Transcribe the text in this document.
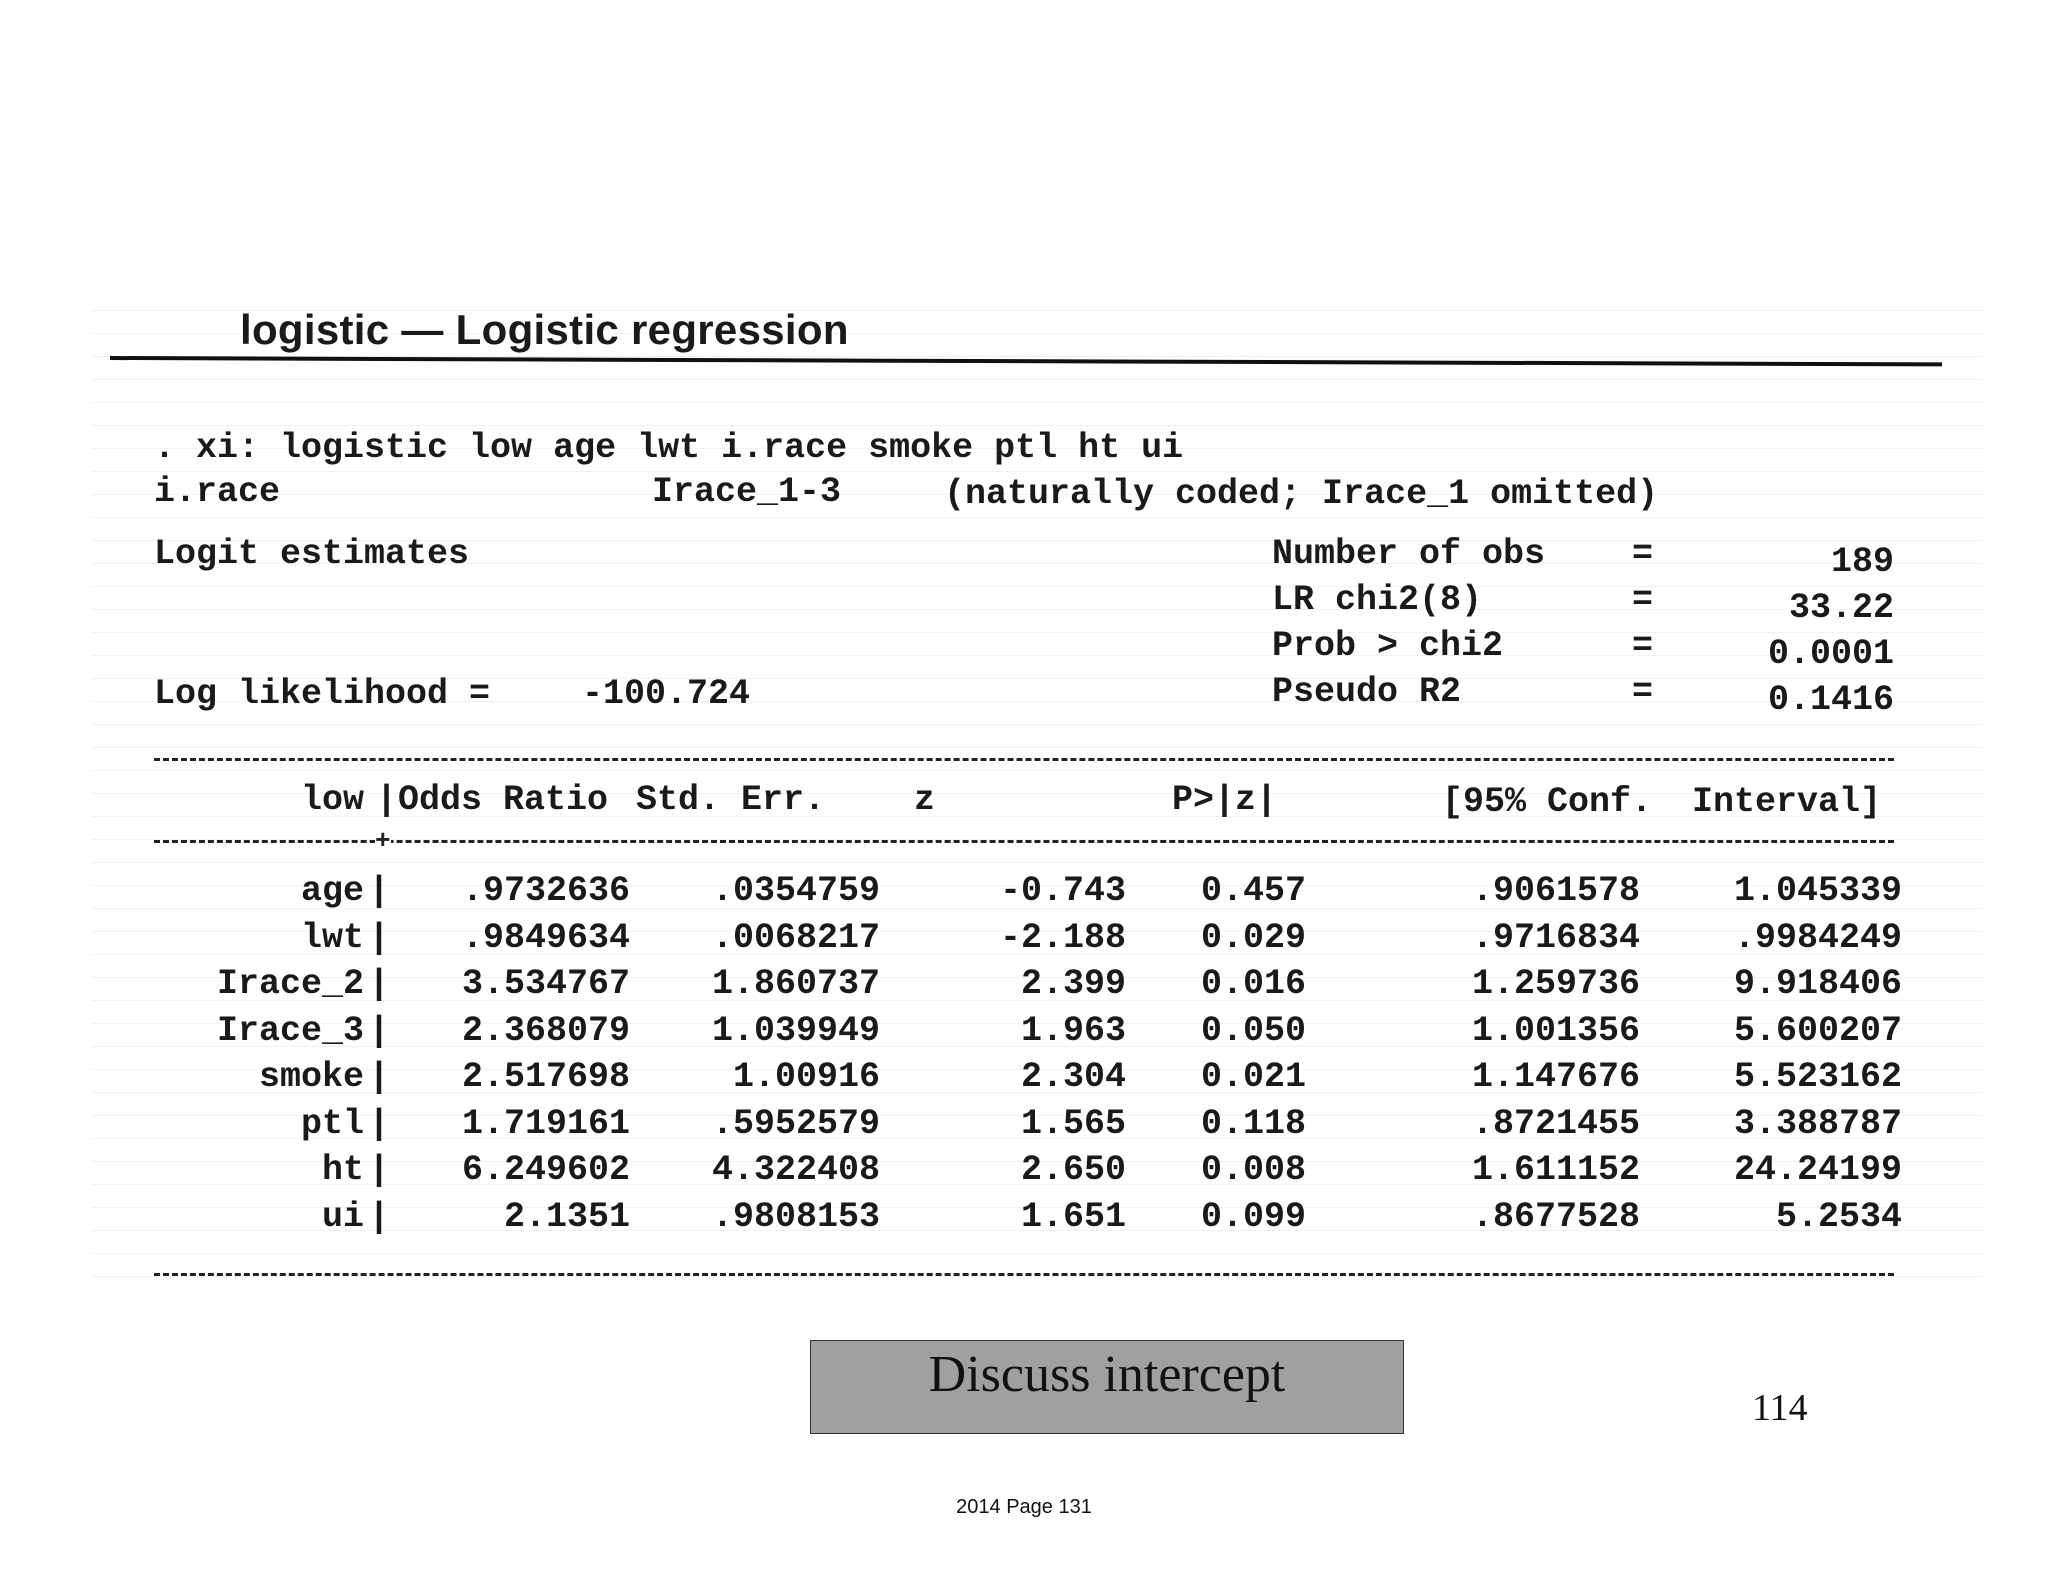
logistic — Logistic regression
. xi: logistic low age lwt i.race smoke ptl ht ui
i.race	Irace_1-3	(naturally coded; Irace_1 omitted)
Logit estimates
Log likelihood =	-100.724
Number of obs =	189
LR chi2(8)	=	33.22
Prob > chi2	=	0.0001
Pseudo R2	=	0.1416
low | Odds Ratio Std. Err.	z	P>|z|	[95% Conf. Interval]
+
age	|	.9732636	.0354759	-0.743	0.457	.9061578	1.045339
lwt	|	.9849634	.0068217	-2.188	0.029	.9716834	.9984249
Irace_2	|	3.534767	1.860737	2.399	0.016	1.259736	9.918406
Irace_3	|	2.368079	1.039949	1.963	0.050	1.001356	5.600207
smoke	|	2.517698	1.00916	2.304	0.021	1.147676	5.523162
ptl	|	1.719161	.5952579	1.565	0.118	.8721455	3.388787
ht	|	6.249602	4.322408	2.650	0.008	1.611152	24.24199
ui	|	2.1351	.9808153	1.651	0.099	.8677528	5.2534
Discuss intercept
114
2014 Page 131
